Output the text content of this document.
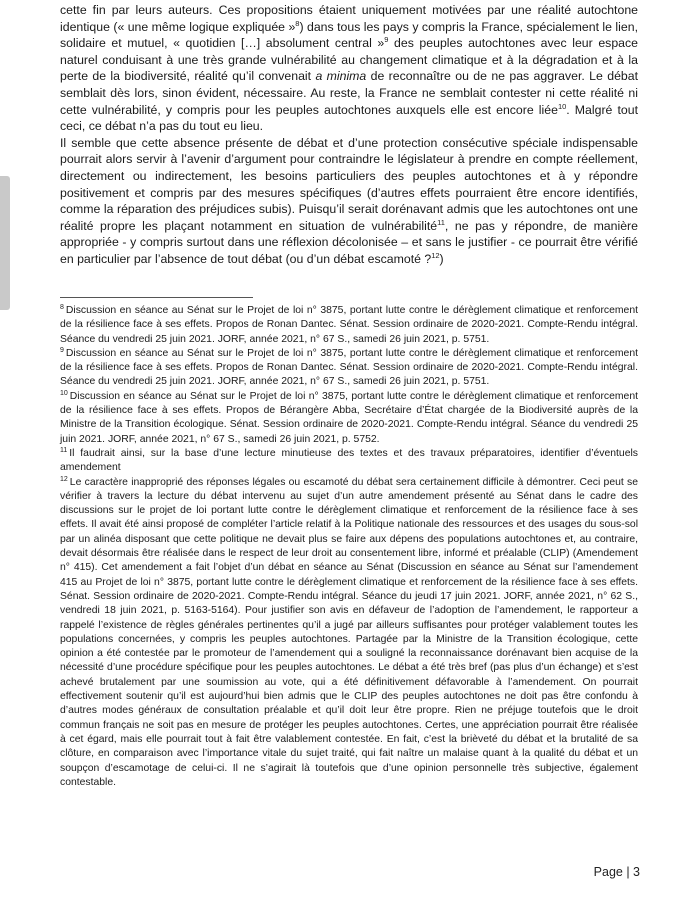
cette fin par leurs auteurs. Ces propositions étaient uniquement motivées par une réalité autochtone identique (« une même logique expliquée »$^8$) dans tous les pays y compris la France, spécialement le lien, solidaire et mutuel, « quotidien […] absolument central »$^9$ des peuples autochtones avec leur espace naturel conduisant à une très grande vulnérabilité au changement climatique et à la dégradation et à la perte de la biodiversité, réalité qu’il convenait a minima de reconnaître ou de ne pas aggraver. Le débat semblait dès lors, sinon évident, nécessaire. Au reste, la France ne semblait contester ni cette réalité ni cette vulnérabilité, y compris pour les peuples autochtones auxquels elle est encore liée$^{10}$. Malgré tout ceci, ce débat n’a pas du tout eu lieu.

Il semble que cette absence présente de débat et d’une protection consécutive spéciale indispensable pourrait alors servir à l’avenir d’argument pour contraindre le législateur à prendre en compte réellement, directement ou indirectement, les besoins particuliers des peuples autochtones et à y répondre positivement et compris par des mesures spécifiques (d’autres effets pourraient être encore identifiés, comme la réparation des préjudices subis). Puisqu’il serait dorénavant admis que les autochtones ont une réalité propre les plaçant notamment en situation de vulnérabilité$^{11}$, ne pas y répondre, de manière appropriée - y compris surtout dans une réflexion décolonisée – et sans le justifier - ce pourrait être vérifié en particulier par l’absence de tout débat (ou d’un débat escamoté ?$^{12}$)

$^8$ Discussion en séance au Sénat sur le Projet de loi n° 3875, portant lutte contre le dérèglement climatique et renforcement de la résilience face à ses effets. Propos de Ronan Dantec. Sénat. Session ordinaire de 2020-2021. Compte-Rendu intégral. Séance du vendredi 25 juin 2021. JORF, année 2021, n° 67 S., samedi 26 juin 2021, p. 5751.

$^9$ Discussion en séance au Sénat sur le Projet de loi n° 3875, portant lutte contre le dérèglement climatique et renforcement de la résilience face à ses effets. Propos de Ronan Dantec. Sénat. Session ordinaire de 2020-2021. Compte-Rendu intégral. Séance du vendredi 25 juin 2021. JORF, année 2021, n° 67 S., samedi 26 juin 2021, p. 5751.

$^{10}$ Discussion en séance au Sénat sur le Projet de loi n° 3875, portant lutte contre le dérèglement climatique et renforcement de la résilience face à ses effets. Propos de Bérangère Abba, Secrétaire d’État chargée de la Biodiversité auprès de la Ministre de la Transition écologique. Sénat. Session ordinaire de 2020-2021. Compte-Rendu intégral. Séance du vendredi 25 juin 2021. JORF, année 2021, n° 67 S., samedi 26 juin 2021, p. 5752.

$^{11}$ Il faudrait ainsi, sur la base d’une lecture minutieuse des textes et des travaux préparatoires, identifier d’éventuels amendement

$^{12}$ Le caractère inapproprié des réponses légales ou escamoté du débat sera certainement difficile à démontrer. Ceci peut se vérifier à travers la lecture du débat intervenu au sujet d’un autre amendement présenté au Sénat dans le cadre des discussions sur le projet de loi portant lutte contre le dérèglement climatique et renforcement de la résilience face à ses effets. Il avait été ainsi proposé de compléter l’article relatif à la Politique nationale des ressources et des usages du sous-sol par un alinéa disposant que cette politique ne devait plus se faire aux dépens des populations autochtones et, au contraire, devait désormais être réalisée dans le respect de leur droit au consentement libre, informé et préalable (CLIP) (Amendement n° 415). Cet amendement a fait l’objet d’un débat en séance au Sénat (Discussion en séance au Sénat sur l’amendement 415 au Projet de loi n° 3875, portant lutte contre le dérèglement climatique et renforcement de la résilience face à ses effets. Sénat. Session ordinaire de 2020-2021. Compte-Rendu intégral. Séance du jeudi 17 juin 2021. JORF, année 2021, n° 62 S., vendredi 18 juin 2021, p. 5163-5164). Pour justifier son avis en défaveur de l’adoption de l’amendement, le rapporteur a rappelé l’existence de règles générales pertinentes qu’il a jugé par ailleurs suffisantes pour protéger valablement toutes les populations concernées, y compris les peuples autochtones. Partagée par la Ministre de la Transition écologique, cette opinion a été contestée par le promoteur de l’amendement qui a souligné la reconnaissance dorénavant bien acquise de la nécessité d’une procédure spécifique pour les peuples autochtones. Le débat a été très bref (pas plus d’un échange) et s’est achevé brutalement par une soumission au vote, qui a été définitivement défavorable à l’amendement. On pourrait effectivement soutenir qu’il est aujourd’hui bien admis que le CLIP des peuples autochtones ne doit pas être confondu à d’autres modes généraux de consultation préalable et qu’il doit leur être propre. Rien ne préjuge toutefois que le droit commun français ne soit pas en mesure de protéger les peuples autochtones. Certes, une appréciation pourrait être réalisée à cet égard, mais elle pourrait tout à fait être valablement contestée. En fait, c’est la brièveté du débat et la brutalité de sa clôture, en comparaison avec l’importance vitale du sujet traité, qui fait naître un malaise quant à la qualité du débat et un soupçon d’escamotage de celui-ci. Il ne s’agirait là toutefois que d’une opinion personnelle très subjective, également contestable.

Page | 3
